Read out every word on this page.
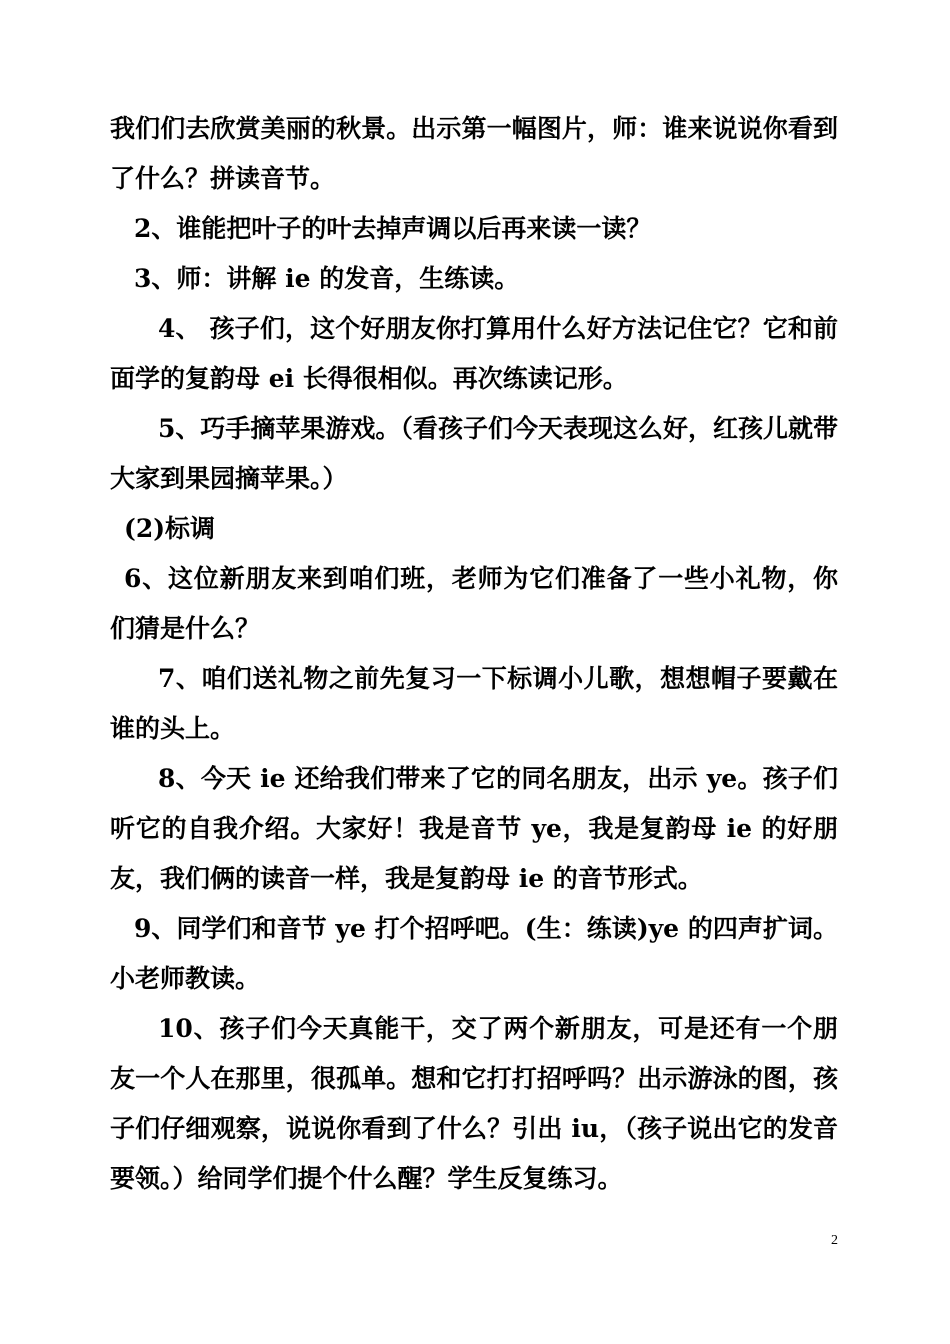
我们们去欣赏美丽的秋景。出示第一幅图片，师：谁来说说你看到了什么？拼读音节。

2、谁能把叶子的叶去掉声调以后再来读一读？

3、师：讲解 ie 的发音，生练读。

4、 孩子们，这个好朋友你打算用什么好方法记住它？它和前面学的复韵母 ei 长得很相似。再次练读记形。

5、巧手摘苹果游戏。（看孩子们今天表现这么好，红孩儿就带大家到果园摘苹果。）

(2)标调

6、这位新朋友来到咱们班，老师为它们准备了一些小礼物，你们猜是什么？

7、咱们送礼物之前先复习一下标调小儿歌，想想帽子要戴在谁的头上。

8、今天 ie 还给我们带来了它的同名朋友，出示 ye。孩子们听它的自我介绍。大家好！我是音节 ye，我是复韵母 ie 的好朋友，我们俩的读音一样，我是复韵母 ie 的音节形式。

9、同学们和音节 ye 打个招呼吧。(生：练读)ye 的四声扩词。小老师教读。

10、孩子们今天真能干，交了两个新朋友，可是还有一个朋友一个人在那里，很孤单。想和它打打招呼吗？出示游泳的图，孩子们仔细观察，说说你看到了什么？引出 iu，（孩子说出它的发音要领。）给同学们提个什么醒？学生反复练习。

2
